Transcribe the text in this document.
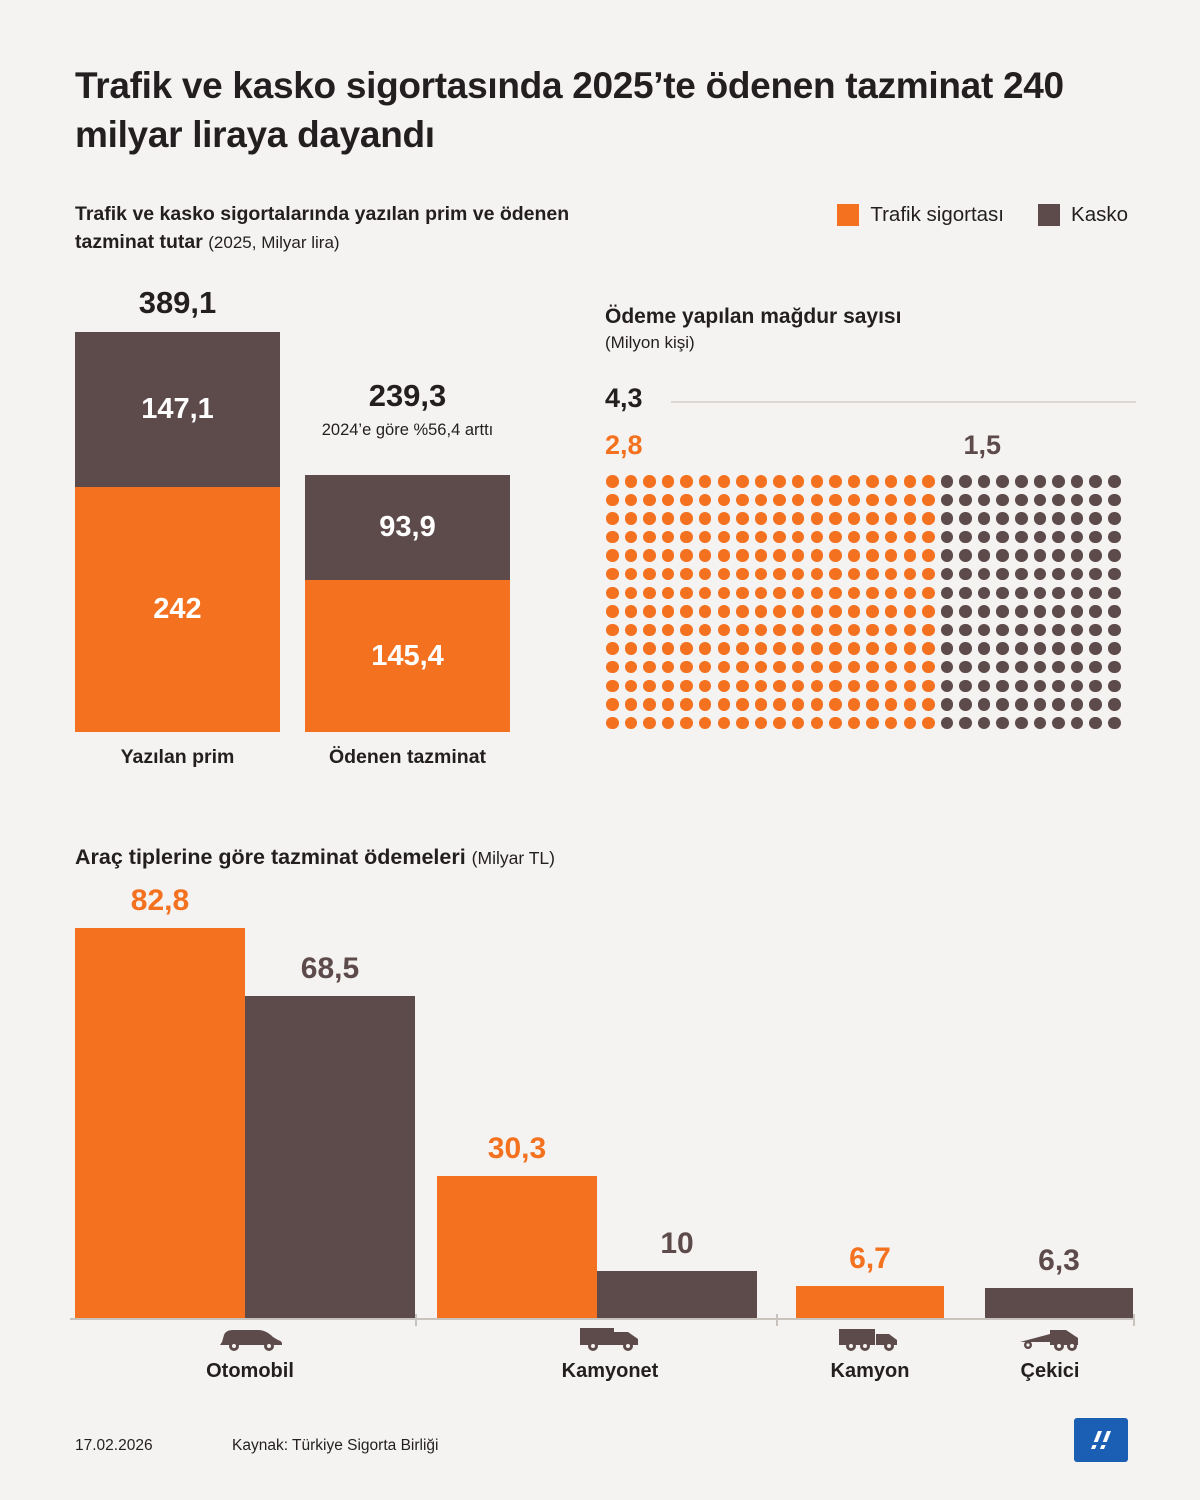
Trafik ve kasko sigortasında 2025’te ödenen tazminat 240 milyar liraya dayandı
Trafik ve kasko sigortalarında yazılan prim ve ödenen tazminat tutar (2025, Milyar lira)
Trafik sigortası	Kasko
389,1
147,1
242
Yazılan prim
239,3
2024’e göre %56,4 arttı
93,9
145,4
Ödenen tazminat
Ödeme yapılan mağdur sayısı
(Milyon kişi)
4,3
2,8	1,5
Araç tiplerine göre tazminat ödemeleri (Milyar TL)
82,8
68,5
30,3
10	6,7	6,3
Otomobil	Kamyonet	Kamyon	Çekici
17.02.2026	Kaynak: Türkiye Sigorta Birliği
